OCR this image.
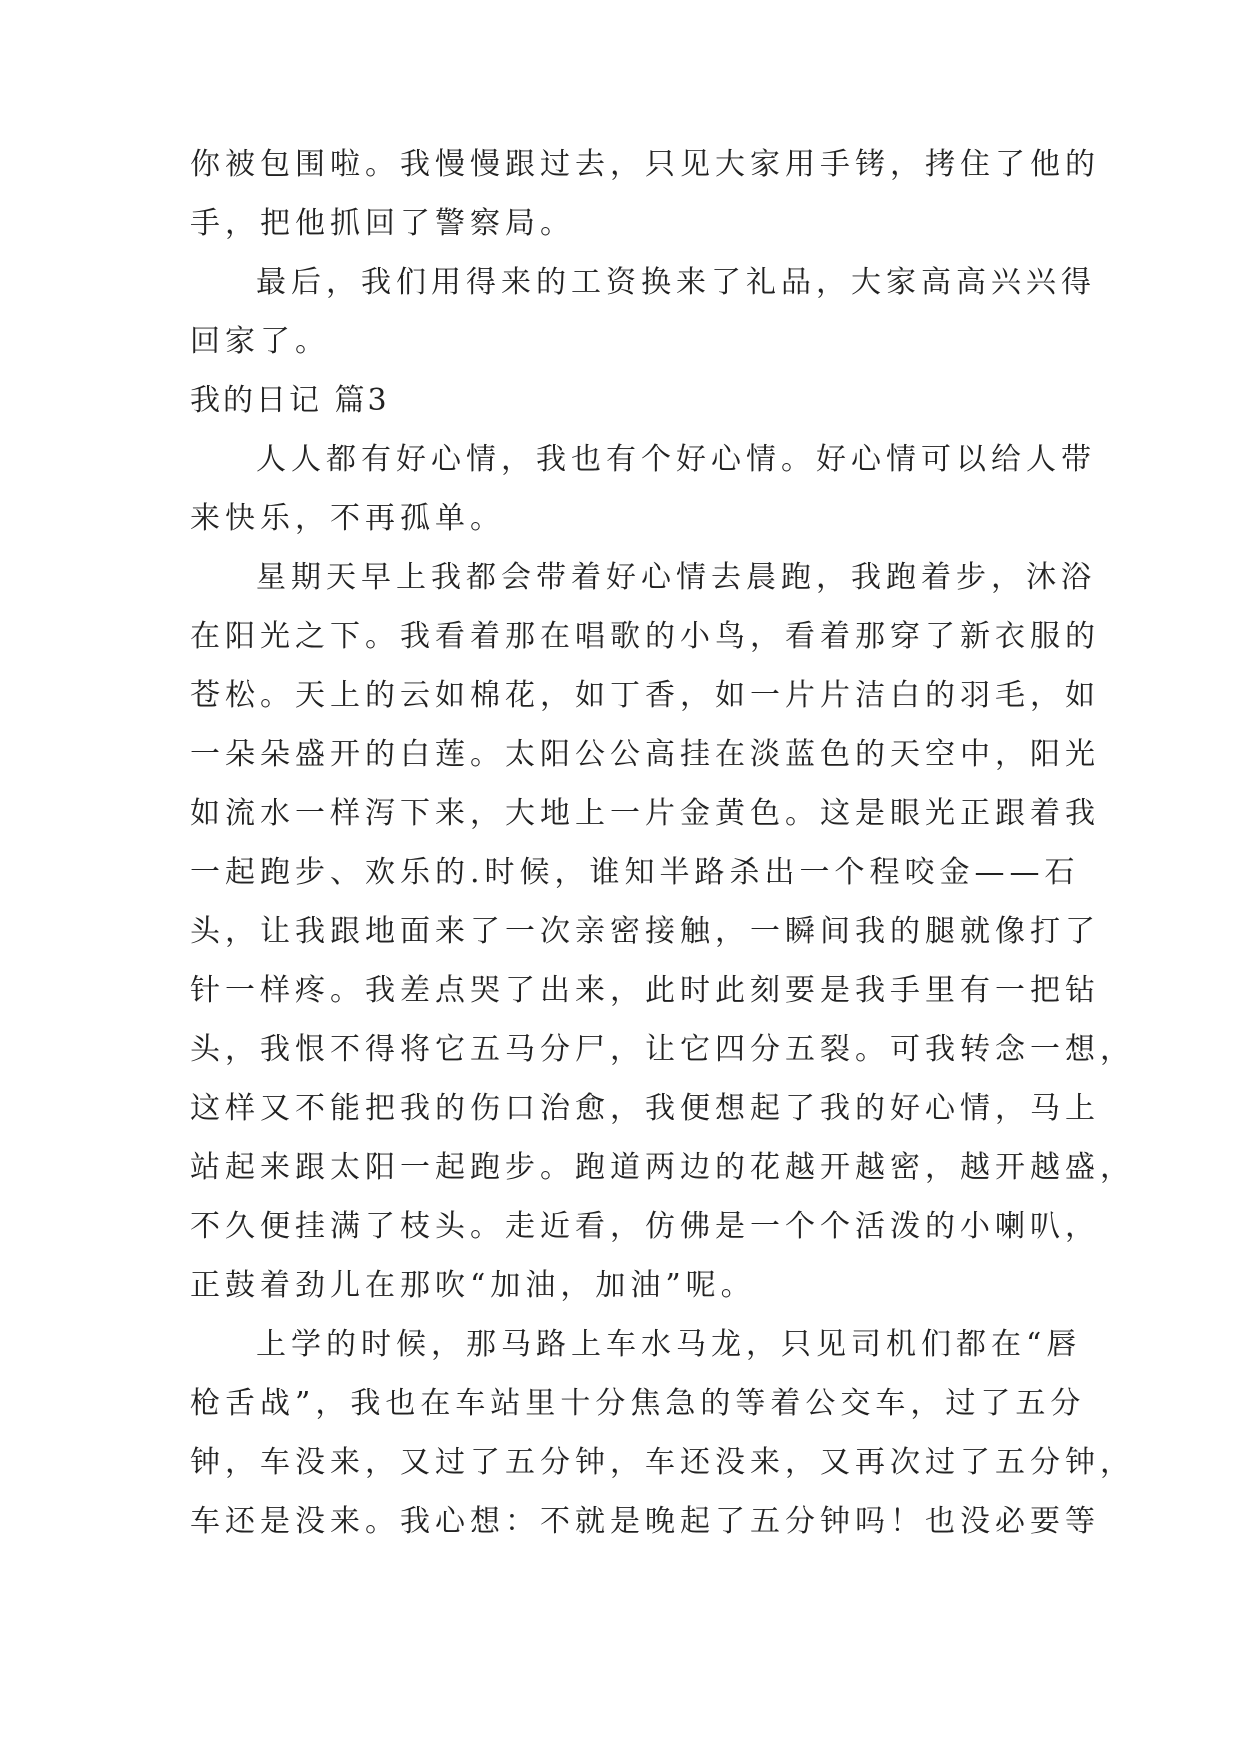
你被包围啦。我慢慢跟过去，只见大家用手铐，拷住了他的
手，把他抓回了警察局。
最后，我们用得来的工资换来了礼品，大家高高兴兴得
回家了。
我的日记 篇3
人人都有好心情，我也有个好心情。好心情可以给人带
来快乐，不再孤单。
星期天早上我都会带着好心情去晨跑，我跑着步，沐浴
在阳光之下。我看着那在唱歌的小鸟，看着那穿了新衣服的
苍松。天上的云如棉花，如丁香，如一片片洁白的羽毛，如
一朵朵盛开的白莲。太阳公公高挂在淡蓝色的天空中，阳光
如流水一样泻下来，大地上一片金黄色。这是眼光正跟着我
一起跑步、欢乐的.时候，谁知半路杀出一个程咬金——石
头，让我跟地面来了一次亲密接触，一瞬间我的腿就像打了
针一样疼。我差点哭了出来，此时此刻要是我手里有一把钻
头，我恨不得将它五马分尸，让它四分五裂。可我转念一想，
这样又不能把我的伤口治愈，我便想起了我的好心情，马上
站起来跟太阳一起跑步。跑道两边的花越开越密，越开越盛，
不久便挂满了枝头。走近看，仿佛是一个个活泼的小喇叭，
正鼓着劲儿在那吹“加油，加油”呢。
上学的时候，那马路上车水马龙，只见司机们都在“唇
枪舌战”，我也在车站里十分焦急的等着公交车，过了五分
钟，车没来，又过了五分钟，车还没来，又再次过了五分钟，
车还是没来。我心想：不就是晚起了五分钟吗！也没必要等
